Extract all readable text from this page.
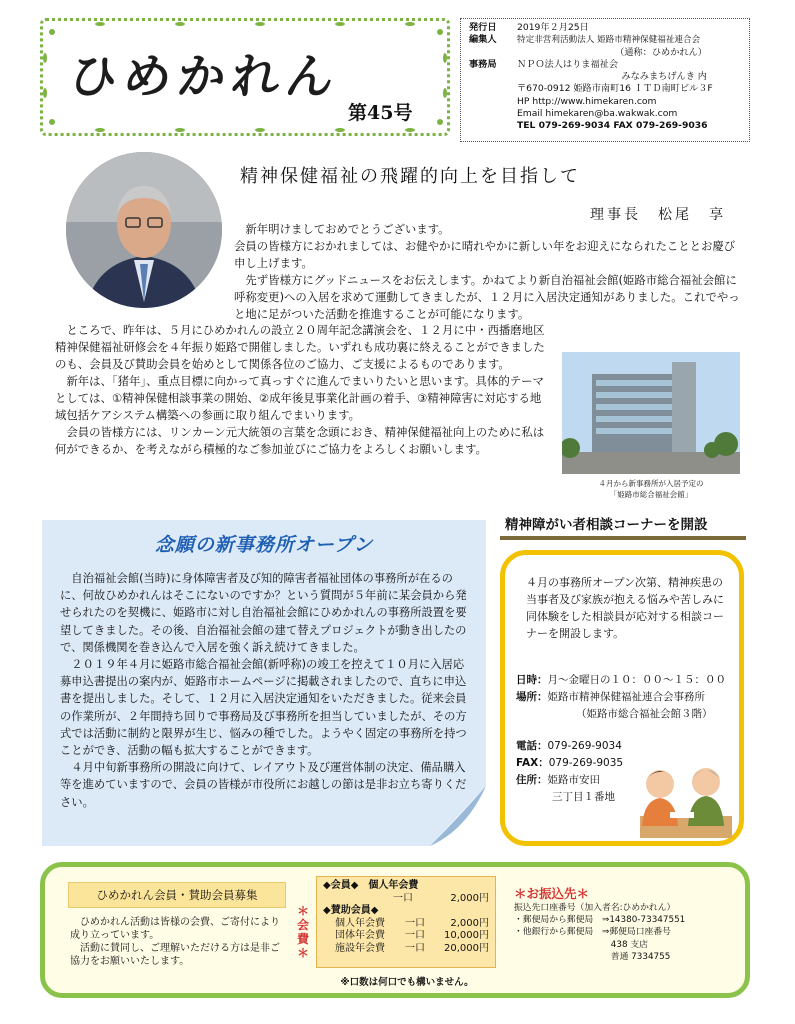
ひめかれん
第45号
発行日	2019年２月25日
編集人	特定非営利活動法人 姫路市精神保健福祉連合会
（通称：ひめかれん）
事務局	ＮＰＯ法人はりま福祉会
みなみまちげんき 内
〒670-0912 姫路市南町16 ＩＴＤ南町ビル３F
HP http://www.himekaren.com
Email himekaren@ba.wakwak.com
TEL 079-269-9034 FAX 079-269-9036
精神保健福祉の飛躍的向上を目指して
理事長　松尾　享
　新年明けましておめでとうございます。
会員の皆様方におかれましては、お健やかに晴れやかに新しい年をお迎えになられたこととお慶び申し上げます。
　先ず皆様方にグッドニュースをお伝えします。かねてより新自治福祉会館(姫路市総合福祉会館に呼称変更)への入居を求めて運動してきましたが、１２月に入居決定通知がありました。これでやっと地に足がついた活動を推進することが可能になります。
　ところで、昨年は、５月にひめかれんの設立２０周年記念講演会を、１２月に中・西播磨地区精神保健福祉研修会を４年振り姫路で開催しました。いずれも成功裏に終えることができましたのも、会員及び賛助会員を始めとして関係各位のご協力、ご支援によるものであります。
　新年は、「猪年」、重点目標に向かって真っすぐに進んでまいりたいと思います。具体的テーマとしては、①精神保健相談事業の開始、②成年後見事業化計画の着手、③精神障害に対応する地域包括ケアシステム構築への参画に取り組んでまいります。
　会員の皆様方には、リンカーン元大統領の言葉を念頭におき、精神保健福祉向上のために私は何ができるか、を考えながら積極的なご参加並びにご協力をよろしくお願いします。
４月から新事務所が入居予定の
「姫路市総合福祉会館」
念願の新事務所オープン

自治福祉会館(当時)に身体障害者及び知的障害者福祉団体の事務所が在るのに、何故ひめかれんはそこにないのですか？という質問が５年前に某会員から発せられたのを契機に、姫路市に対し自治福祉会館にひめかれんの事務所設置を要望してきました。その後、自治福祉会館の建て替えプロジェクトが動き出したので、関係機関を巻き込んで入居を強く訴え続けてきました。

２０１９年４月に姫路市総合福祉会館(新呼称)の竣工を控えて１０月に入居応募申込書提出の案内が、姫路市ホームページに掲載されましたので、直ちに申込書を提出しました。そして、１２月に入居決定通知をいただきました。従来会員の作業所が、２年間持ち回りで事務局及び事務所を担当していましたが、その方式では活動に制約と限界が生じ、悩みの種でした。ようやく固定の事務所を持つことができ、活動の幅も拡大することができます。

４月中旬新事務所の開設に向けて、レイアウト及び運営体制の決定、備品購入等を進めていますので、会員の皆様が市役所にお越しの節は是非お立ち寄りください。

精神障がい者相談コーナーを開設
４月の事務所オープン次第、精神疾患の当事者及び家族が抱える悩みや苦しみに同体験をした相談員が応対する相談コーナーを開設します。
日時：月～金曜日の１０：００～１５：００
場所：姫路市精神保健福祉連合会事務所
（姫路市総合福祉会館３階）
電話：079-269-9034
FAX：079-269-9035
住所：姫路市安田
三丁目１番地
ひめかれん会員・賛助会員募集
　ひめかれん活動は皆様の会費、ご寄付により成り立っています。
　活動に賛同し、ご理解いただける方は是非ご協力をお願いいたします。
＊会費＊
◆会員◆　個人年会費
一口	2,000円
◆賛助会員◆
個人年会費　　一口	2,000円
団体年会費　　一口 10,000円
施設年会費　　一口 20,000円
※口数は何口でも構いません。
＊お振込先＊
振込先口座番号（加入者名:ひめかれん）
・郵便局から郵便局　⇒14380-73347551
・他銀行から郵便局　⇒郵便局口座番号
　　　　　　　　　　　438 支店
　　　　　　　　　　　普通 7334755
